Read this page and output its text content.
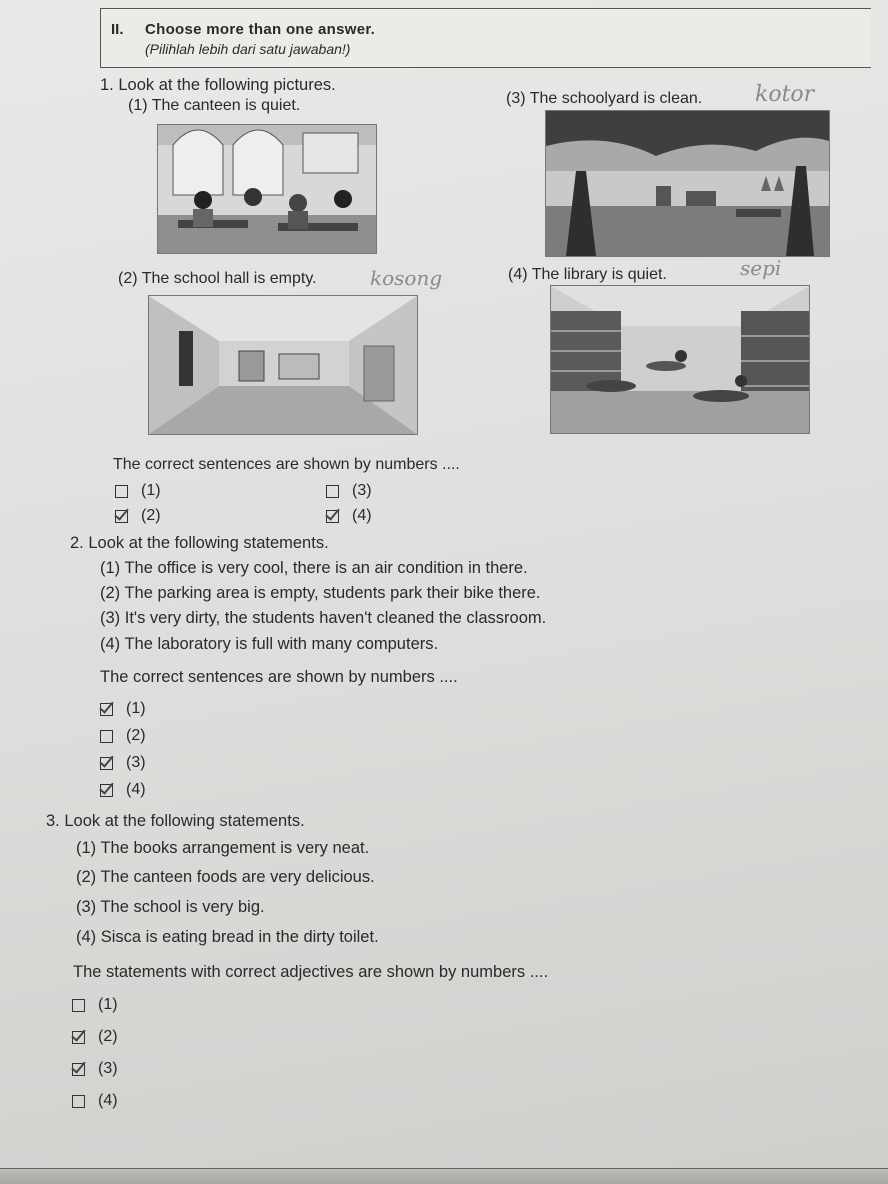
II. Choose more than one answer.
(Pilihlah lebih dari satu jawaban!)
1. Look at the following pictures.
(1) The canteen is quiet.	(3) The schoolyard is clean. kotor
(2) The school hall is empty.	kosong	(4) The library is quiet.	sepi
The correct sentences are shown by numbers ....
(1)	(3)
(2)	(4)
2. Look at the following statements.
(1) The office is very cool, there is an air condition in there.
(2) The parking area is empty, students park their bike there.
(3) It's very dirty, the students haven't cleaned the classroom.
(4) The laboratory is full with many computers.
The correct sentences are shown by numbers ....
(1)
(2)
(3)
(4)
3. Look at the following statements.
(1) The books arrangement is very neat.
(2) The canteen foods are very delicious.
(3) The school is very big.
(4) Sisca is eating bread in the dirty toilet.
The statements with correct adjectives are shown by numbers ....
(1)
(2)
(3)
(4)
